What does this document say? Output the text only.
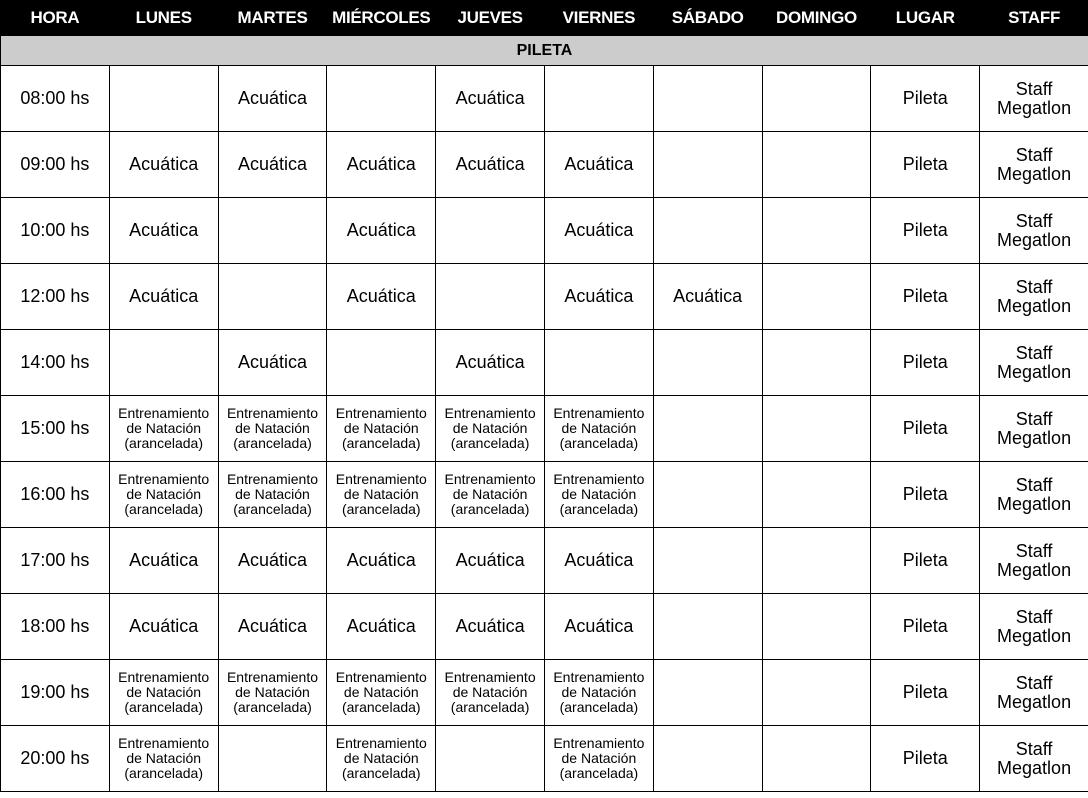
HORA	LUNES	MARTES	MIÉRCOLES	JUEVES	VIERNES	SÁBADO	DOMINGO	LUGAR	STAFF
PILETA									
08:00 hs		Acuática		Acuática				Pileta	Staff
Megatlon
09:00 hs	Acuática	Acuática	Acuática	Acuática	Acuática			Pileta	Staff
Megatlon
10:00 hs	Acuática		Acuática		Acuática			Pileta	Staff
Megatlon
12:00 hs	Acuática		Acuática		Acuática	Acuática		Pileta	Staff
Megatlon
14:00 hs		Acuática		Acuática				Pileta	Staff
Megatlon
15:00 hs	Entrenamiento
de Natación
(arancelada)	Entrenamiento
de Natación
(arancelada)	Entrenamiento
de Natación
(arancelada)	Entrenamiento
de Natación
(arancelada)	Entrenamiento
de Natación
(arancelada)			Pileta	Staff
Megatlon
16:00 hs	Entrenamiento
de Natación
(arancelada)	Entrenamiento
de Natación
(arancelada)	Entrenamiento
de Natación
(arancelada)	Entrenamiento
de Natación
(arancelada)	Entrenamiento
de Natación
(arancelada)			Pileta	Staff
Megatlon
17:00 hs	Acuática	Acuática	Acuática	Acuática	Acuática			Pileta	Staff
Megatlon
18:00 hs	Acuática	Acuática	Acuática	Acuática	Acuática			Pileta	Staff
Megatlon
19:00 hs	Entrenamiento
de Natación
(arancelada)	Entrenamiento
de Natación
(arancelada)	Entrenamiento
de Natación
(arancelada)	Entrenamiento
de Natación
(arancelada)	Entrenamiento
de Natación
(arancelada)			Pileta	Staff
Megatlon
20:00 hs	Entrenamiento
de Natación
(arancelada)		Entrenamiento
de Natación
(arancelada)		Entrenamiento
de Natación
(arancelada)			Pileta	Staff
Megatlon
